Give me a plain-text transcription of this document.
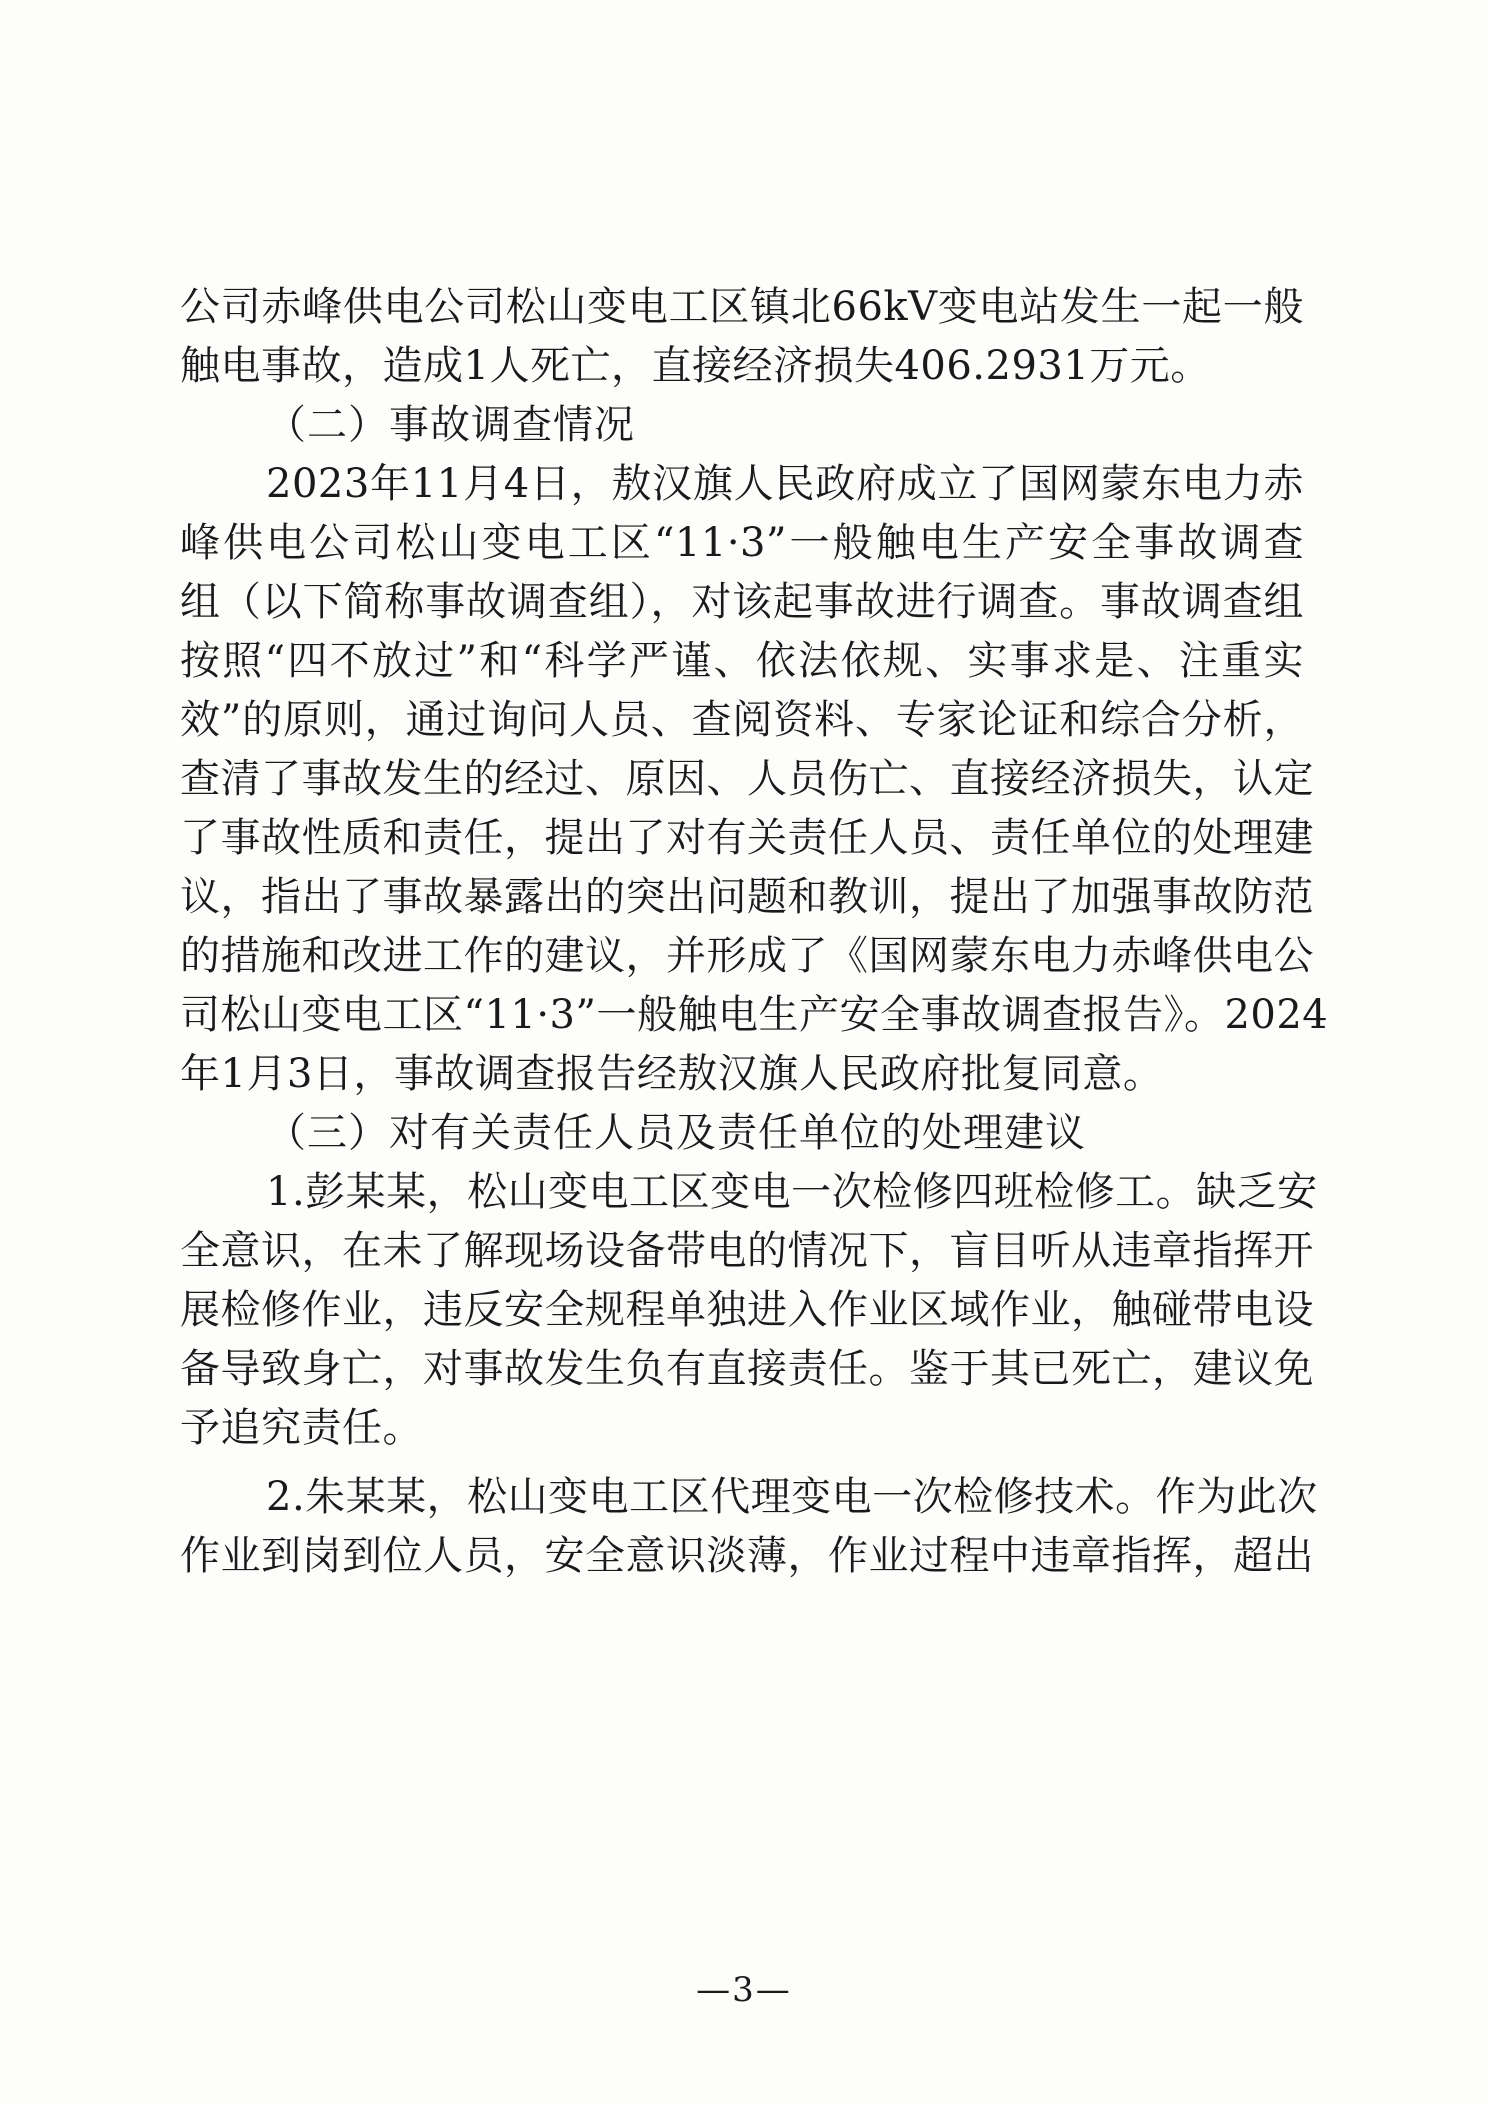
公司赤峰供电公司松山变电工区镇北66kV变电站发生一起一般
触电事故，造成1人死亡，直接经济损失406.2931万元。
（二）事故调查情况
2023年11月4日，敖汉旗人民政府成立了国网蒙东电力赤
峰供电公司松山变电工区“11·3”一般触电生产安全事故调查
组（以下简称事故调查组），对该起事故进行调查。事故调查组
按照“四不放过”和“科学严谨、依法依规、实事求是、注重实
效”的原则，通过询问人员、查阅资料、专家论证和综合分析，
查清了事故发生的经过、原因、人员伤亡、直接经济损失，认定
了事故性质和责任，提出了对有关责任人员、责任单位的处理建
议，指出了事故暴露出的突出问题和教训，提出了加强事故防范
的措施和改进工作的建议，并形成了《国网蒙东电力赤峰供电公
司松山变电工区“11·3”一般触电生产安全事故调查报告》。2024
年1月3日，事故调查报告经敖汉旗人民政府批复同意。
（三）对有关责任人员及责任单位的处理建议
1.彭某某，松山变电工区变电一次检修四班检修工。缺乏安
全意识，在未了解现场设备带电的情况下，盲目听从违章指挥开
展检修作业，违反安全规程单独进入作业区域作业，触碰带电设
备导致身亡，对事故发生负有直接责任。鉴于其已死亡，建议免
予追究责任。
2.朱某某，松山变电工区代理变电一次检修技术。作为此次
作业到岗到位人员，安全意识淡薄，作业过程中违章指挥，超出
—3—
